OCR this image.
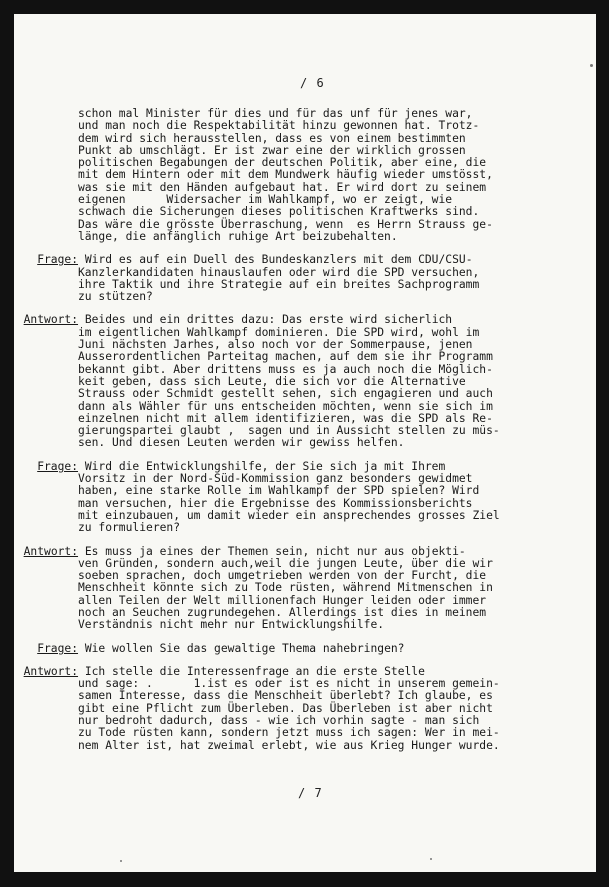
/ 6
schon mal Minister für dies und für das unf für jenes war,
und man noch die Respektabilität hinzu gewonnen hat. Trotz-
dem wird sich herausstellen, dass es von einem bestimmten
Punkt ab umschlägt. Er ist zwar eine der wirklich grossen
politischen Begabungen der deutschen Politik, aber eine, die
mit dem Hintern oder mit dem Mundwerk häufig wieder umstösst,
was sie mit den Händen aufgebaut hat. Er wird dort zu seinem
eigenen      Widersacher im Wahlkampf, wo er zeigt, wie
schwach die Sicherungen dieses politischen Kraftwerks sind.
Das wäre die grösste Überraschung, wenn  es Herrn Strauss ge-
länge, die anfänglich ruhige Art beizubehalten.
Frage: Wird es auf ein Duell des Bundeskanzlers mit dem CDU/CSU-
Kanzlerkandidaten hinauslaufen oder wird die SPD versuchen,
ihre Taktik und ihre Strategie auf ein breites Sachprogramm
zu stützen?
Antwort: Beides und ein drittes dazu: Das erste wird sicherlich
im eigentlichen Wahlkampf dominieren. Die SPD wird, wohl im
Juni nächsten Jarhes, also noch vor der Sommerpause, jenen
Ausserordentlichen Parteitag machen, auf dem sie ihr Programm
bekannt gibt. Aber drittens muss es ja auch noch die Möglich-
keit geben, dass sich Leute, die sich vor die Alternative
Strauss oder Schmidt gestellt sehen, sich engagieren und auch
dann als Wähler für uns entscheiden möchten, wenn sie sich im
einzelnen nicht mit allem identifizieren, was die SPD als Re-
gierungspartei glaubt ,  sagen und in Aussicht stellen zu müs-
sen. Und diesen Leuten werden wir gewiss helfen.
Frage: Wird die Entwicklungshilfe, der Sie sich ja mit Ihrem
Vorsitz in der Nord-Süd-Kommission ganz besonders gewidmet
haben, eine starke Rolle im Wahlkampf der SPD spielen? Wird
man versuchen, hier die Ergebnisse des Kommissionsberichts
mit einzubauen, um damit wieder ein ansprechendes grosses Ziel
zu formulieren?
Antwort: Es muss ja eines der Themen sein, nicht nur aus objekti-
ven Gründen, sondern auch,weil die jungen Leute, über die wir
soeben sprachen, doch umgetrieben werden von der Furcht, die
Menschheit könnte sich zu Tode rüsten, während Mitmenschen in
allen Teilen der Welt millionenfach Hunger leiden oder immer
noch an Seuchen zugrundegehen. Allerdings ist dies in meinem
Verständnis nicht mehr nur Entwicklungshilfe.
Frage: Wie wollen Sie das gewaltige Thema nahebringen?
Antwort: Ich stelle die Interessenfrage an die erste Stelle
und sage: .      1.ist es oder ist es nicht in unserem gemein-
samen Interesse, dass die Menschheit überlebt? Ich glaube, es
gibt eine Pflicht zum Überleben. Das Überleben ist aber nicht
nur bedroht dadurch, dass - wie ich vorhin sagte - man sich
zu Tode rüsten kann, sondern jetzt muss ich sagen: Wer in mei-
nem Alter ist, hat zweimal erlebt, wie aus Krieg Hunger wurde.
/ 7
